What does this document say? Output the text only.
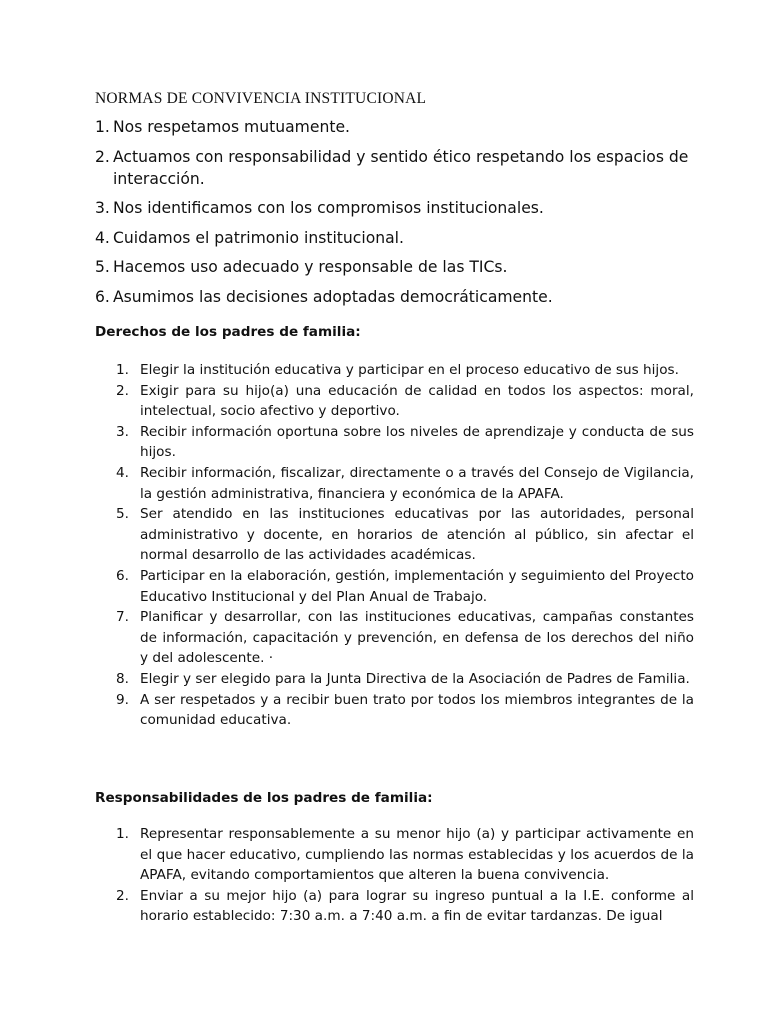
NORMAS DE CONVIVENCIA INSTITUCIONAL
1. Nos respetamos mutuamente.
2. Actuamos con responsabilidad y sentido ético respetando los espacios de interacción.
3. Nos identificamos con los compromisos institucionales.
4. Cuidamos el patrimonio institucional.
5. Hacemos uso adecuado y responsable de las TICs.
6. Asumimos las decisiones adoptadas democráticamente.
Derechos de los padres de familia:
1. Elegir la institución educativa y participar en el proceso educativo de sus hijos.
2. Exigir para su hijo(a) una educación de calidad en todos los aspectos: moral, intelectual, socio afectivo y deportivo.
3. Recibir información oportuna sobre los niveles de aprendizaje y conducta de sus hijos.
4. Recibir información, fiscalizar, directamente o a través del Consejo de Vigilancia, la gestión administrativa, financiera y económica de la APAFA.
5. Ser atendido en las instituciones educativas por las autoridades, personal administrativo y docente, en horarios de atención al público, sin afectar el normal desarrollo de las actividades académicas.
6. Participar en la elaboración, gestión, implementación y seguimiento del Proyecto Educativo Institucional y del Plan Anual de Trabajo.
7. Planificar y desarrollar, con las instituciones educativas, campañas constantes de información, capacitación y prevención, en defensa de los derechos del niño y del adolescente. ·
8. Elegir y ser elegido para la Junta Directiva de la Asociación de Padres de Familia.
9. A ser respetados y a recibir buen trato por todos los miembros integrantes de la comunidad educativa.
Responsabilidades de los padres de familia:
1. Representar responsablemente a su menor hijo (a) y participar activamente en el que hacer educativo, cumpliendo las normas establecidas y los acuerdos de la APAFA, evitando comportamientos que alteren la buena convivencia.
2. Enviar a su mejor hijo (a) para lograr su ingreso puntual a la I.E. conforme al horario establecido: 7:30 a.m. a 7:40 a.m. a fin de evitar tardanzas. De igual
